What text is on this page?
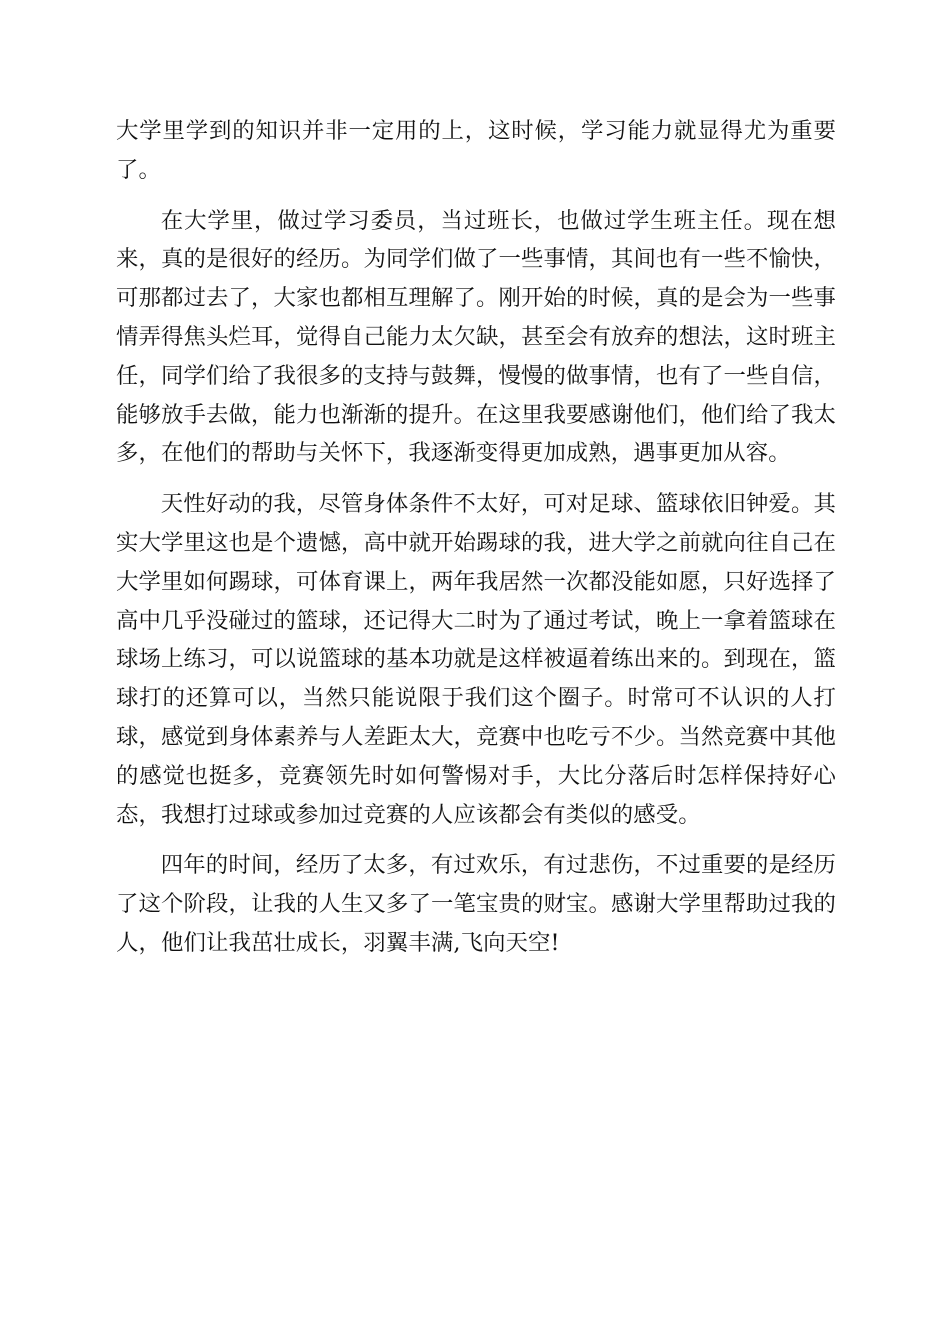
大学里学到的知识并非一定用的上，这时候，学习能力就显得尤为重要了。

在大学里，做过学习委员，当过班长，也做过学生班主任。现在想来，真的是很好的经历。为同学们做了一些事情，其间也有一些不愉快，可那都过去了，大家也都相互理解了。刚开始的时候，真的是会为一些事情弄得焦头烂耳，觉得自己能力太欠缺，甚至会有放弃的想法，这时班主任，同学们给了我很多的支持与鼓舞，慢慢的做事情，也有了一些自信，能够放手去做，能力也渐渐的提升。在这里我要感谢他们，他们给了我太多，在他们的帮助与关怀下，我逐渐变得更加成熟，遇事更加从容。

天性好动的我，尽管身体条件不太好，可对足球、篮球依旧钟爱。其实大学里这也是个遗憾，高中就开始踢球的我，进大学之前就向往自己在大学里如何踢球，可体育课上，两年我居然一次都没能如愿，只好选择了高中几乎没碰过的篮球，还记得大二时为了通过考试，晚上一拿着篮球在球场上练习，可以说篮球的基本功就是这样被逼着练出来的。到现在，篮球打的还算可以，当然只能说限于我们这个圈子。时常可不认识的人打球，感觉到身体素养与人差距太大，竞赛中也吃亏不少。当然竞赛中其他的感觉也挺多，竞赛领先时如何警惕对手，大比分落后时怎样保持好心态，我想打过球或参加过竞赛的人应该都会有类似的感受。

四年的时间，经历了太多，有过欢乐，有过悲伤，不过重要的是经历了这个阶段，让我的人生又多了一笔宝贵的财宝。感谢大学里帮助过我的人，他们让我茁壮成长，羽翼丰满,飞向天空!
